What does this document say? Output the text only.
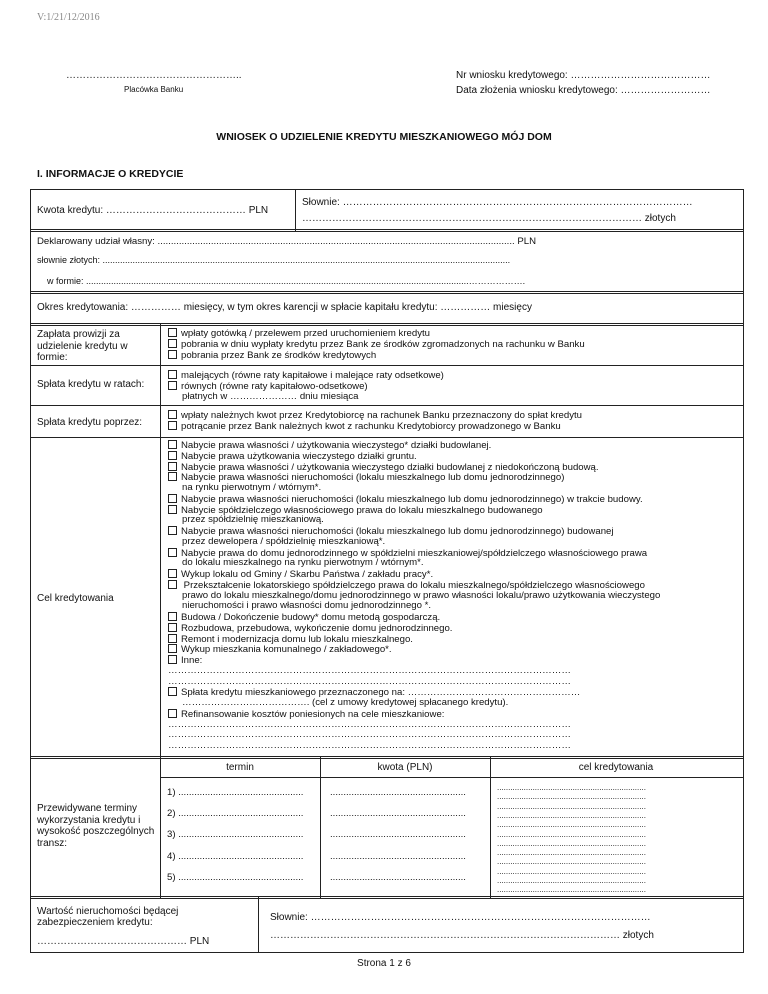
V:1/21/12/2016
……………………………………………..
Placówka Banku
Nr wniosku kredytowego: ……………………………………
Data złożenia wniosku kredytowego: ………………………
WNIOSEK O UDZIELENIE KREDYTU MIESZKANIOWEGO MÓJ DOM
I. INFORMACJE O KREDYCIE
Kwota kredytu: …………………………………… PLN
Słownie: ……………………………………………………………………………………………
………………………………………………………………………………………… złotych
Deklarowany udział własny: ...................................................................................................................................... PLN
słownie złotych: ...................................................................................................................................................................
w formie: .........................................................................................................................................................……………….
Okres kredytowania: …………… miesięcy, w tym okres karencji w spłacie kapitału kredytu: …………… miesięcy
Zapłata prowizji za udzielenie kredytu w formie:
wpłaty gotówką / przelewem przed uruchomieniem kredytu
pobrania w dniu wypłaty kredytu przez Bank ze środków zgromadzonych na rachunku w Banku
pobrania przez Bank ze środków kredytowych
Spłata kredytu w ratach:
malejących (równe raty kapitałowe i malejące raty odsetkowe)
równych (równe raty kapitałowo-odsetkowe)
płatnych w ………………… dniu miesiąca
Spłata kredytu poprzez:
wpłaty należnych kwot przez Kredytobiorcę na rachunek Banku przeznaczony do spłat kredytu
potrącanie przez Bank należnych kwot z rachunku Kredytobiorcy prowadzonego w Banku
Cel kredytowania
Nabycie prawa własności / użytkowania wieczystego* działki budowlanej.
Nabycie prawa użytkowania wieczystego działki gruntu.
Nabycie prawa własności / użytkowania wieczystego działki budowlanej z niedokończoną budową.
Nabycie prawa własności nieruchomości (lokalu mieszkalnego lub domu jednorodzinnego)
na rynku pierwotnym / wtórnym*.
Nabycie prawa własności nieruchomości (lokalu mieszkalnego lub domu jednorodzinnego) w trakcie budowy.
Nabycie spółdzielczego własnościowego prawa do lokalu mieszkalnego budowanego
przez spółdzielnię mieszkaniową.
Nabycie prawa własności nieruchomości (lokalu mieszkalnego lub domu jednorodzinnego) budowanej
przez dewelopera / spółdzielnię mieszkaniową*.
Nabycie prawa do domu jednorodzinnego w spółdzielni mieszkaniowej/spółdzielczego własnościowego prawa
do lokalu mieszkalnego na rynku pierwotnym / wtórnym*.
Wykup lokalu od Gminy / Skarbu Państwa / zakładu pracy*.
Przekształcenie lokatorskiego spółdzielczego prawa do lokalu mieszkalnego/spółdzielczego własnościowego
prawo do lokalu mieszkalnego/domu jednorodzinnego w prawo własności lokalu/prawo użytkowania wieczystego
nieruchomości i prawo własności domu jednorodzinnego *.
Budowa / Dokończenie budowy* domu metodą gospodarczą.
Rozbudowa, przebudowa, wykończenie domu jednorodzinnego.
Remont i modernizacja domu lub lokalu mieszkalnego.
Wykup mieszkania komunalnego / zakładowego*.
Inne:
………………………………………………………………………………………………………………
………………………………………………………………………………………………………………
Spłata kredytu mieszkaniowego przeznaczonego na: ………………………………………………
…………………………………. (cel z umowy kredytowej spłacanego kredytu).
Refinansowanie kosztów poniesionych na cele mieszkaniowe:
………………………………………………………………………………………………………………
………………………………………………………………………………………………………………
………………………………………………………………………………………………………………
termin	kwota (PLN)	cel kredytowania
Przewidywane terminy wykorzystania kredytu i wysokość poszczególnych transz:
1) ...............................................
2) ...............................................
3) ...............................................
4) ...............................................
5) ...............................................
...................................................
...................................................
...................................................
...................................................
...................................................
...................................................................
...................................................................
...................................................................
...................................................................
...................................................................
...................................................................
...................................................................
...................................................................
...................................................................
...................................................................
...................................................................
...................................................................
Wartość nieruchomości będącej zabezpieczeniem kredytu:
……………………………………… PLN
Słownie: …………………………………………………………………………………………
…………………………………………………………………………………………… złotych
Strona 1 z 6
